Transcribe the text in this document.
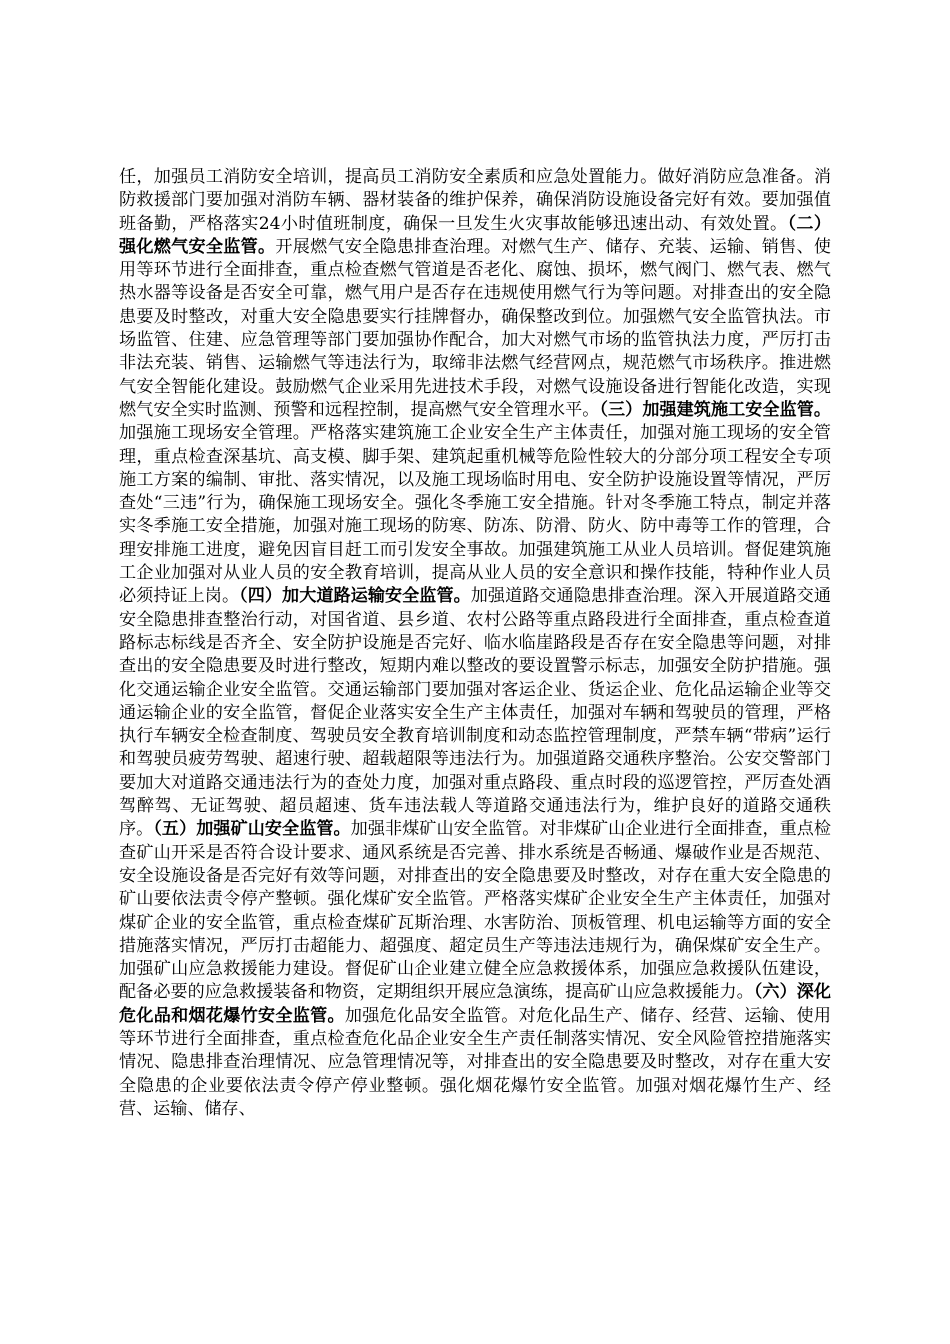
任，加强员工消防安全培训，提高员工消防安全素质和应急处置能力。做好消防应急准备。消防救援部门要加强对消防车辆、器材装备的维护保养，确保消防设施设备完好有效。要加强值班备勤，严格落实24小时值班制度，确保一旦发生火灾事故能够迅速出动、有效处置。（二）强化燃气安全监管。开展燃气安全隐患排查治理。对燃气生产、储存、充装、运输、销售、使用等环节进行全面排查，重点检查燃气管道是否老化、腐蚀、损坏，燃气阀门、燃气表、燃气热水器等设备是否安全可靠，燃气用户是否存在违规使用燃气行为等问题。对排查出的安全隐患要及时整改，对重大安全隐患要实行挂牌督办，确保整改到位。加强燃气安全监管执法。市场监管、住建、应急管理等部门要加强协作配合，加大对燃气市场的监管执法力度，严厉打击非法充装、销售、运输燃气等违法行为，取缔非法燃气经营网点，规范燃气市场秩序。推进燃气安全智能化建设。鼓励燃气企业采用先进技术手段，对燃气设施设备进行智能化改造，实现燃气安全实时监测、预警和远程控制，提高燃气安全管理水平。（三）加强建筑施工安全监管。加强施工现场安全管理。严格落实建筑施工企业安全生产主体责任，加强对施工现场的安全管理，重点检查深基坑、高支模、脚手架、建筑起重机械等危险性较大的分部分项工程安全专项施工方案的编制、审批、落实情况，以及施工现场临时用电、安全防护设施设置等情况，严厉查处“三违”行为，确保施工现场安全。强化冬季施工安全措施。针对冬季施工特点，制定并落实冬季施工安全措施，加强对施工现场的防寒、防冻、防滑、防火、防中毒等工作的管理，合理安排施工进度，避免因盲目赶工而引发安全事故。加强建筑施工从业人员培训。督促建筑施工企业加强对从业人员的安全教育培训，提高从业人员的安全意识和操作技能，特种作业人员必须持证上岗。（四）加大道路运输安全监管。加强道路交通隐患排查治理。深入开展道路交通安全隐患排查整治行动，对国省道、县乡道、农村公路等重点路段进行全面排查，重点检查道路标志标线是否齐全、安全防护设施是否完好、临水临崖路段是否存在安全隐患等问题，对排查出的安全隐患要及时进行整改，短期内难以整改的要设置警示标志，加强安全防护措施。强化交通运输企业安全监管。交通运输部门要加强对客运企业、货运企业、危化品运输企业等交通运输企业的安全监管，督促企业落实安全生产主体责任，加强对车辆和驾驶员的管理，严格执行车辆安全检查制度、驾驶员安全教育培训制度和动态监控管理制度，严禁车辆“带病”运行和驾驶员疲劳驾驶、超速行驶、超载超限等违法行为。加强道路交通秩序整治。公安交警部门要加大对道路交通违法行为的查处力度，加强对重点路段、重点时段的巡逻管控，严厉查处酒驾醉驾、无证驾驶、超员超速、货车违法载人等道路交通违法行为，维护良好的道路交通秩序。（五）加强矿山安全监管。加强非煤矿山安全监管。对非煤矿山企业进行全面排查，重点检查矿山开采是否符合设计要求、通风系统是否完善、排水系统是否畅通、爆破作业是否规范、安全设施设备是否完好有效等问题，对排查出的安全隐患要及时整改，对存在重大安全隐患的矿山要依法责令停产整顿。强化煤矿安全监管。严格落实煤矿企业安全生产主体责任，加强对煤矿企业的安全监管，重点检查煤矿瓦斯治理、水害防治、顶板管理、机电运输等方面的安全措施落实情况，严厉打击超能力、超强度、超定员生产等违法违规行为，确保煤矿安全生产。加强矿山应急救援能力建设。督促矿山企业建立健全应急救援体系，加强应急救援队伍建设，配备必要的应急救援装备和物资，定期组织开展应急演练，提高矿山应急救援能力。（六）深化危化品和烟花爆竹安全监管。加强危化品安全监管。对危化品生产、储存、经营、运输、使用等环节进行全面排查，重点检查危化品企业安全生产责任制落实情况、安全风险管控措施落实情况、隐患排查治理情况、应急管理情况等，对排查出的安全隐患要及时整改，对存在重大安全隐患的企业要依法责令停产停业整顿。强化烟花爆竹安全监管。加强对烟花爆竹生产、经营、运输、储存、
